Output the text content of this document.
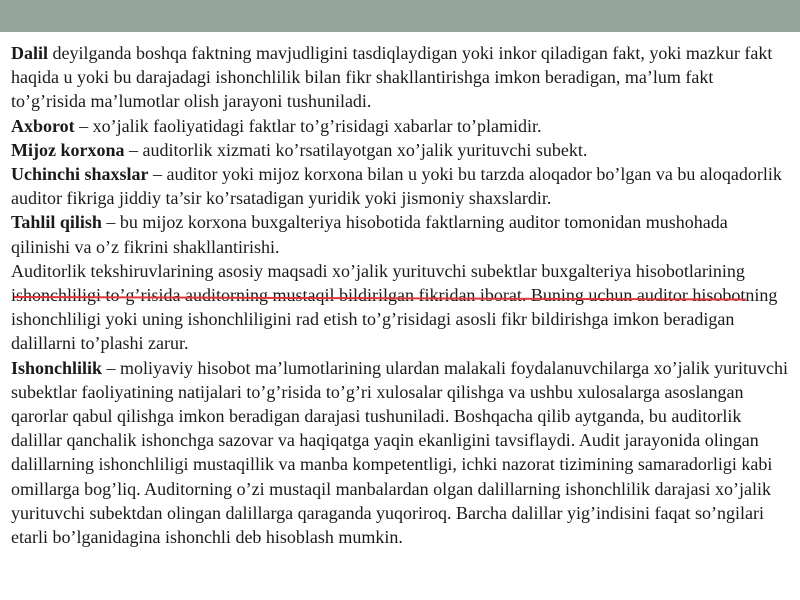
Dalil deyilganda boshqa faktning mavjudligini tasdiqlaydigan yoki inkor qiladigan fakt, yoki mazkur fakt haqida u yoki bu darajadagi ishonchlilik bilan fikr shakllantirishga imkon beradigan, ma’lum fakt to’g’risida ma’lumotlar olish jarayoni tushuniladi.

Axborot – xo’jalik faoliyatidagi faktlar to’g’risidagi xabarlar to’plamidir.

Mijoz korxona – auditorlik xizmati ko’rsatilayotgan xo’jalik yurituvchi subekt.

Uchinchi shaxslar – auditor yoki mijoz korxona bilan u yoki bu tarzda aloqador bo’lgan va bu aloqadorlik auditor fikriga jiddiy ta’sir ko’rsatadigan yuridik yoki jismoniy shaxslardir.

Tahlil qilish – bu mijoz korxona buxgalteriya hisobotida faktlarning auditor tomonidan mushohada qilinishi va o’z fikrini shakllantirishi.

Auditorlik tekshiruvlarining asosiy maqsadi xo’jalik yurituvchi subektlar buxgalteriya hisobotlarining ishonchliligi to’g’risida auditorning mustaqil bildirilgan fikridan iborat. Buning uchun auditor hisobotning ishonchliligi yoki uning ishonchliligini rad etish to’g’risidagi asosli fikr bildirishga imkon beradigan dalillarni to’plashi zarur.

Ishonchlilik – moliyaviy hisobot ma’lumotlarining ulardan malakali foydalanuvchilarga xo’jalik yurituvchi subektlar faoliyatining natijalari to’g’risida to’g’ri xulosalar qilishga va ushbu xulosalarga asoslangan qarorlar qabul qilishga imkon beradigan darajasi tushuniladi. Boshqacha qilib aytganda, bu auditorlik dalillar qanchalik ishonchga sazovar va haqiqatga yaqin ekanligini tavsiflaydi. Audit jarayonida olingan dalillarning ishonchliligi mustaqillik va manba kompetentligi, ichki nazorat tizimining samaradorligi kabi omillarga bog’liq. Auditorning o’zi mustaqil manbalardan olgan dalillarning ishonchlilik darajasi xo’jalik yurituvchi subektdan olingan dalillarga qaraganda yuqoriroq. Barcha dalillar yig’indisini faqat so’ngilari etarli bo’lganidagina ishonchli deb hisoblash mumkin.
